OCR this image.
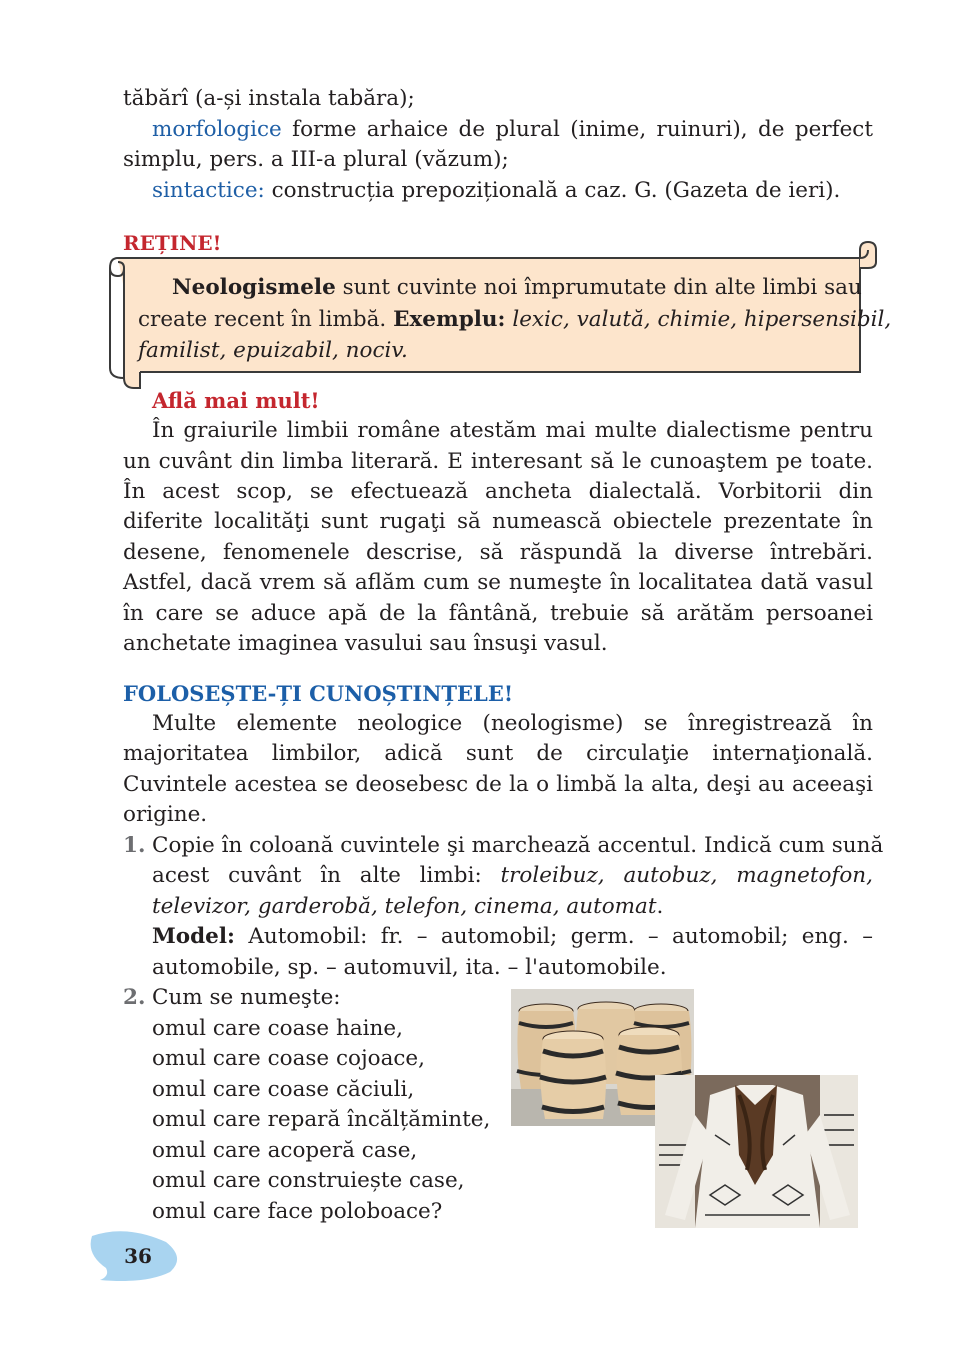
tăbărî (a-și instala tabăra);
morfologice forme arhaice de plural (inime, ruinuri), de perfect
simplu, pers. a III-a plural (văzum);
sintactice: construcția prepozițională a caz. G. (Gazeta de ieri).
REȚINE!
Neologismele sunt cuvinte noi împrumutate din alte limbi sau
create recent în limbă. Exemplu: lexic, valută, chimie, hipersensibil,
familist, epuizabil, nociv.
Află mai mult!
În graiurile limbii române atestăm mai multe dialectisme pentru
un cuvânt din limba literară. E interesant să le cunoaştem pe toate.
În acest scop, se efectuează ancheta dialectală. Vorbitorii din
diferite localităţi sunt rugaţi să numească obiectele prezentate în
desene, fenomenele descrise, să răspundă la diverse întrebări.
Astfel, dacă vrem să aflăm cum se numeşte în localitatea dată vasul
în care se aduce apă de la fântână, trebuie să arătăm persoanei
anchetate imaginea vasului sau însuşi vasul.
FOLOSEȘTE-ȚI CUNOȘTINȚELE!
Multe elemente neologice (neologisme) se înregistrează în
majoritatea limbilor, adică sunt de circulaţie internaţională.
Cuvintele acestea se deosebesc de la o limbă la alta, deşi au aceeaşi
origine.
1. Copie în coloană cuvintele şi marchează accentul. Indică cum sună
acest cuvânt în alte limbi: troleibuz, autobuz, magnetofon,
televizor, garderobă, telefon, cinema, automat.
Model: Automobil: fr. – automobil; germ. – automobil; eng. –
automobile, sp. – automuvil, ita. – l'automobile.
2. Cum se numeşte:
omul care coase haine,
omul care coase cojoace,
omul care coase căciuli,
omul care repară încălțăminte,
omul care acoperă case,
omul care construiește case,
omul care face poloboace?
36
